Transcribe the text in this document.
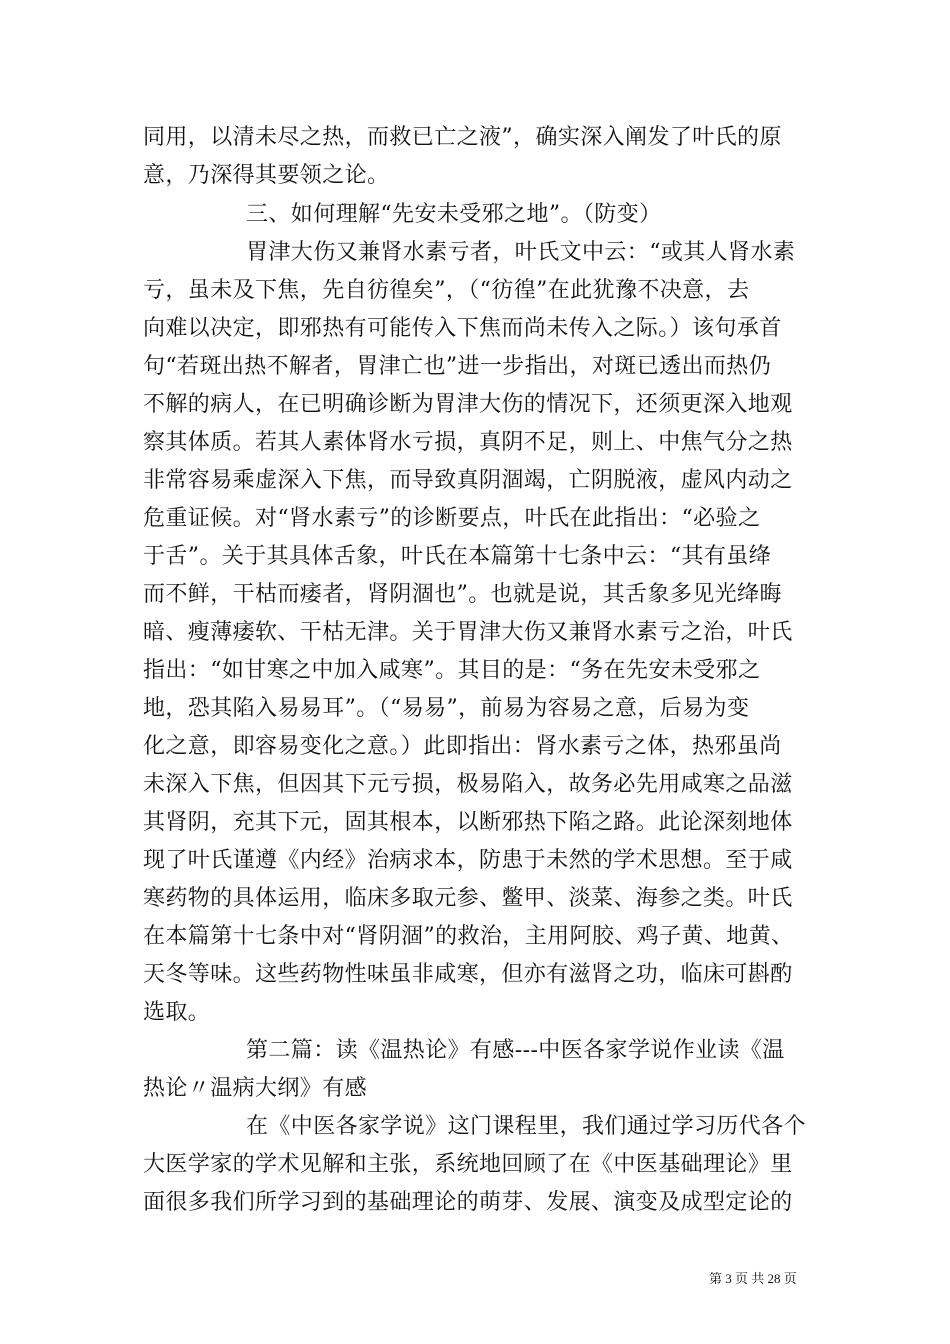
同用，以清未尽之热，而救已亡之液”，确实深入阐发了叶氏的原
意，乃深得其要领之论。
三、如何理解“先安未受邪之地”。（防变）
胃津大伤又兼肾水素亏者，叶氏文中云：“或其人肾水素
亏，虽未及下焦，先自彷徨矣”，（“彷徨”在此犹豫不决意，去
向难以决定，即邪热有可能传入下焦而尚未传入之际。）该句承首
句“若斑出热不解者，胃津亡也”进一步指出，对斑已透出而热仍
不解的病人，在已明确诊断为胃津大伤的情况下，还须更深入地观
察其体质。若其人素体肾水亏损，真阴不足，则上、中焦气分之热
非常容易乘虚深入下焦，而导致真阴涸竭，亡阴脱液，虚风内动之
危重证候。对“肾水素亏”的诊断要点，叶氏在此指出：“必验之
于舌”。关于其具体舌象，叶氏在本篇第十七条中云：“其有虽绛
而不鲜，干枯而痿者，肾阴涸也”。也就是说，其舌象多见光绛晦
暗、瘦薄痿软、干枯无津。关于胃津大伤又兼肾水素亏之治，叶氏
指出：“如甘寒之中加入咸寒”。其目的是：“务在先安未受邪之
地，恐其陷入易易耳”。（“易易”，前易为容易之意，后易为变
化之意，即容易变化之意。）此即指出：肾水素亏之体，热邪虽尚
未深入下焦，但因其下元亏损，极易陷入，故务必先用咸寒之品滋
其肾阴，充其下元，固其根本，以断邪热下陷之路。此论深刻地体
现了叶氏谨遵《内经》治病求本，防患于未然的学术思想。至于咸
寒药物的具体运用，临床多取元参、鳖甲、淡菜、海参之类。叶氏
在本篇第十七条中对“肾阴涸”的救治，主用阿胶、鸡子黄、地黄、
天冬等味。这些药物性味虽非咸寒，但亦有滋肾之功，临床可斟酌
选取。
第二篇：读《温热论》有感---中医各家学说作业读《温
热论〃温病大纲》有感
在《中医各家学说》这门课程里，我们通过学习历代各个
大医学家的学术见解和主张，系统地回顾了在《中医基础理论》里
面很多我们所学习到的基础理论的萌芽、发展、演变及成型定论的
第 3 页 共 28 页
